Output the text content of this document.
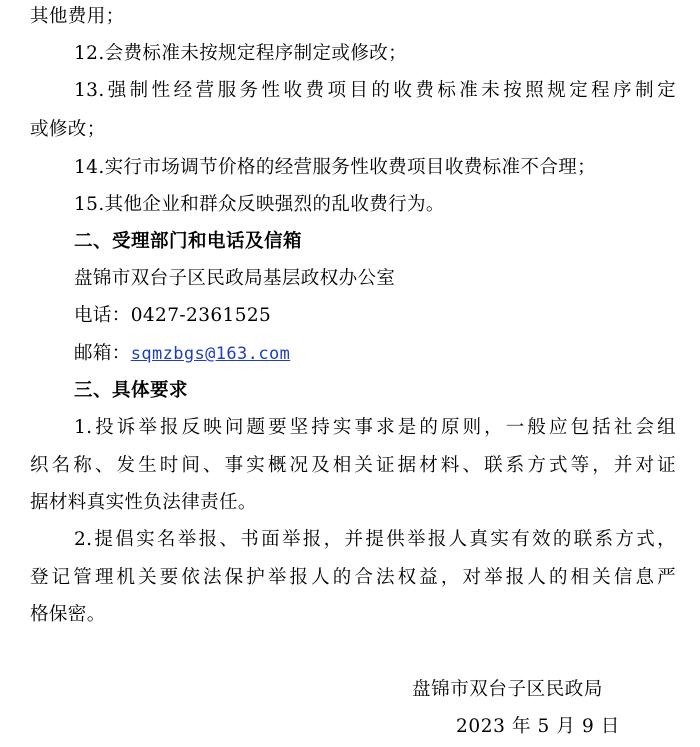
其他费用；
12.会费标准未按规定程序制定或修改；
13.强制性经营服务性收费项目的收费标准未按照规定程序制定
或修改；
14.实行市场调节价格的经营服务性收费项目收费标准不合理；
15.其他企业和群众反映强烈的乱收费行为。
二、受理部门和电话及信箱
盘锦市双台子区民政局基层政权办公室
电话：0427-2361525
邮箱：sqmzbgs@163.com
三、具体要求
1.投诉举报反映问题要坚持实事求是的原则，一般应包括社会组
织名称、发生时间、事实概况及相关证据材料、联系方式等，并对证
据材料真实性负法律责任。
2.提倡实名举报、书面举报，并提供举报人真实有效的联系方式，
登记管理机关要依法保护举报人的合法权益，对举报人的相关信息严
格保密。
盘锦市双台子区民政局
2023 年 5 月 9 日
